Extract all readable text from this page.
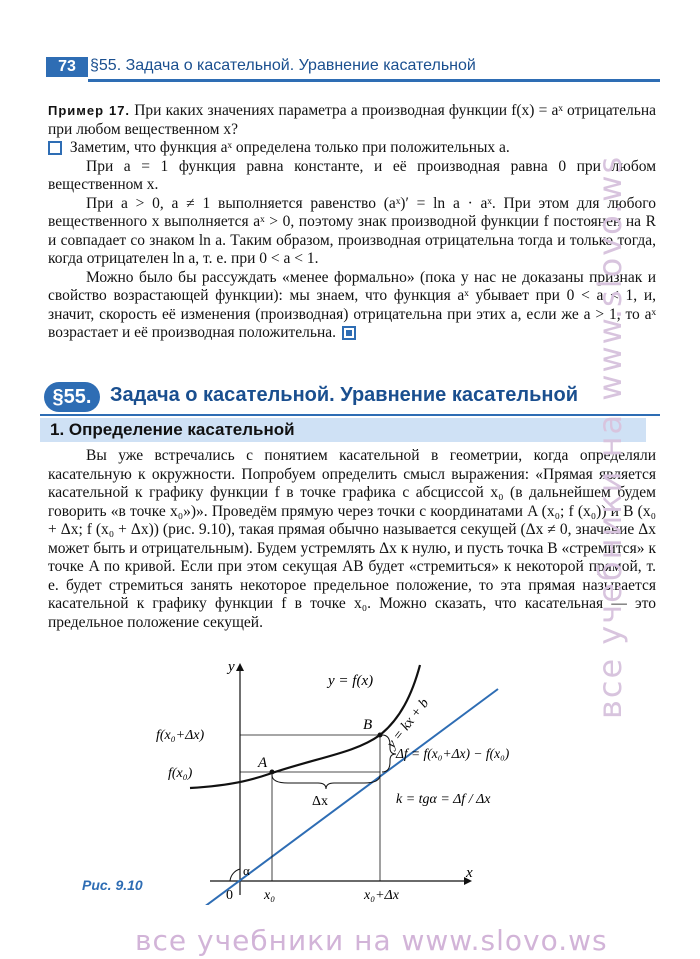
73 §55. Задача о касательной. Уравнение касательной

Пример 17. При каких значениях параметра a производная функции f(x) = aˣ отрицательна при любом вещественном x?

Заметим, что функция aˣ определена только при положительных a.

При a = 1 функция равна константе, и её производная равна 0 при любом вещественном x.

При a > 0, a ≠ 1 выполняется равенство (aˣ)′ = ln a · aˣ. При этом для любого вещественного x выполняется aˣ > 0, поэтому знак производной функции f постоянен на R и совпадает со знаком ln a. Таким образом, производная отрицательна тогда и только тогда, когда отрицателен ln a, т. е. при 0 < a < 1.

Можно было бы рассуждать «менее формально» (пока у нас не доказаны признак и свойство возрастающей функции): мы знаем, что функция aˣ убывает при 0 < a < 1, и, значит, скорость её изменения (производная) отрицательна при этих a, если же a > 1, то aˣ возрастает и её производная положительна.

§55. Задача о касательной. Уравнение касательной
1. Определение касательной

Вы уже встречались с понятием касательной в геометрии, когда определяли касательную к окружности. Попробуем определить смысл выражения: «Прямая является касательной к графику функции f в точке графика с абсциссой x₀ (в дальнейшем будем говорить «в точке x₀»)». Проведём прямую через точки с координатами A (x₀; f (x₀)) и B (x₀ + Δx; f (x₀ + Δx)) (рис. 9.10), такая прямая обычно называется секущей (Δx ≠ 0, значение Δx может быть и отрицательным). Будем устремлять Δx к нулю, и пусть точка B «стремится» к точке A по кривой. Если при этом секущая AB будет «стремиться» к некоторой прямой, т. е. будет стремиться занять некоторое предельное положение, то эта прямая называется касательной к графику функции f в точке x₀. Можно сказать, что касательная — это предельное положение секущей.

y
x
0
A
B
y = f(x)
y = kx + b
f(x₀)
f(x₀+Δx)
Δf = f(x₀+Δx) − f(x₀)
k = tgα = Δf / Δx
Δx
x₀	x₀+Δx
α
Рис. 9.10
все учебники на www.slovo.ws
все учебники на www.slovo.ws
